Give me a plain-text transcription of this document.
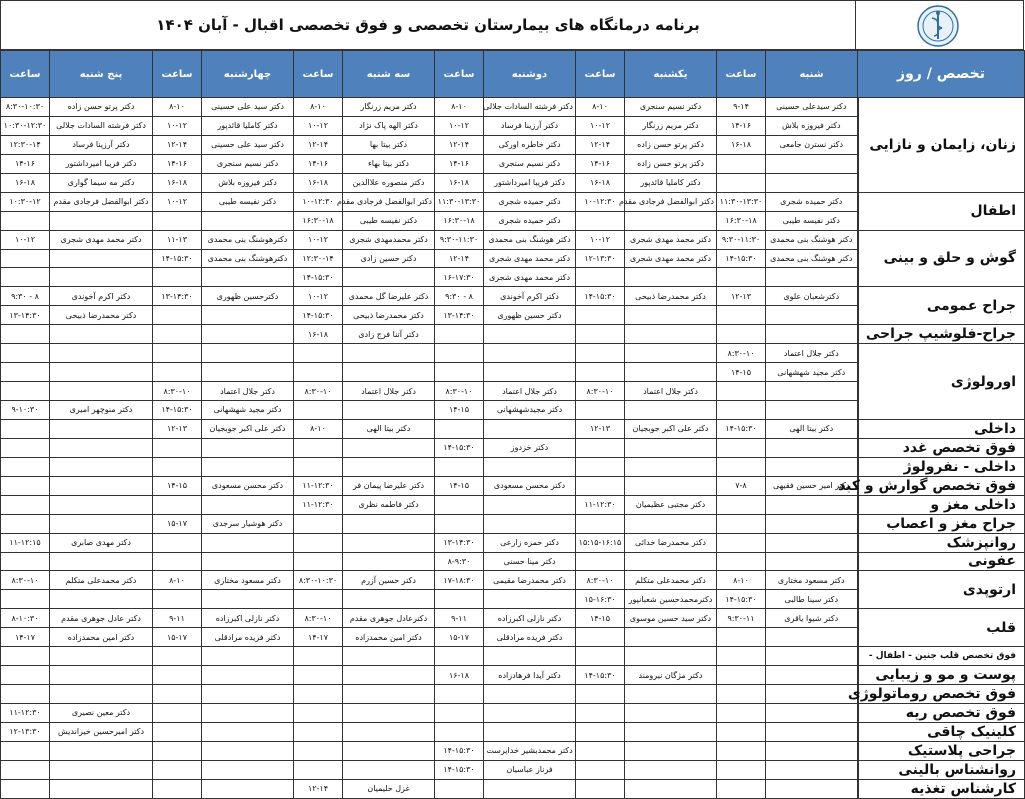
برنامه درمانگاه های بیمارستان تخصصی و فوق تخصصی اقبال - آبان ۱۴۰۴
تخصص / روز	شنبه	ساعت	یکشنبه	ساعت	دوشنبه	ساعت	سه شنبه	ساعت	چهارشنبه	ساعت	پنج شنبه	ساعت
زنان، زایمان و نازایی	دکتر سیدعلی حسینی	۹-۱۴	دکتر نسیم سنجری	۸-۱۰	دکتر فرشته السادات جلالی	۸-۱۰	دکتر مریم زرنگار	۸-۱۰	دکتر سید علی حسینی	۸-۱۰	دکتر پرتو حسن زاده	۸:۳۰-۱۰:۳۰
	دکتر فیروزه بلاش	۱۴-۱۶	دکتر مریم زرنگار	۱۰-۱۲	دکتر آرزینا فرساد	۱۰-۱۲	دکتر الهه پاک نژاد	۱۰-۱۲	دکتر کاملیا قائدپور	۱۰-۱۲	دکتر فرشته السادات جلالی	۱۰:۳۰-۱۲:۳۰
	دکتر نسترن جامعی	۱۶-۱۸	دکتر پرتو حسن زاده	۱۲-۱۴	دکتر خاطره اورکی	۱۲-۱۴	دکتر بیتا بها	۱۲-۱۴	دکتر سید علی حسینی	۱۲-۱۴	دکتر آرزینا فرساد	۱۲:۳۰-۱۴
			دکتر پرتو حسن زاده	۱۴-۱۶	دکتر نسیم سنجری	۱۴-۱۶	دکتر بیتا بهاء	۱۴-۱۶	دکتر نسیم سنجری	۱۴-۱۶	دکتر فریبا امیرداشتور	۱۴-۱۶
			دکتر کاملیا قائدپور	۱۶-۱۸	دکتر فریبا امیرداشتور	۱۶-۱۸	دکتر منصوره علاالدین	۱۶-۱۸	دکتر فیروزه بلاش	۱۶-۱۸	دکتر مه سیما گواری	۱۶-۱۸
اطفال	دکتر حمیده شجری	۱۱:۳۰-۱۳:۳۰	دکتر ابوالفضل فرجادی مقدم	۱۰-۱۲:۳۰	دکتر حمیده شجری	۱۱:۳۰-۱۳:۳۰	دکتر ابوالفضل فرجادی مقدم	۱۰-۱۲:۳۰	دکتر نفیسه طیبی	۱۰-۱۲	دکتر ابوالفضل فرجادی مقدم	۱۰:۳۰-۱۲
	دکتر نفیسه طیبی	۱۶:۳۰-۱۸			دکتر حمیده شجری	۱۶:۳۰-۱۸	دکتر نفیسه طیبی	۱۶:۳۰-۱۸				
گوش و حلق و بینی	دکتر هوشنگ بنی محمدی	۹:۳۰-۱۱:۳۰	دکتر محمد مهدی شجری	۱۰-۱۲	دکتر هوشنگ بنی محمدی	۹:۳۰-۱۱:۳۰	دکتر محمدمهدی شجری	۱۰-۱۲	دکترهوشنگ بنی محمدی	۱۱-۱۳	دکتر محمد مهدی شجری	۱۰-۱۲
	دکتر هوشنگ بنی محمدی	۱۴-۱۵:۳۰	دکتر محمد مهدی شجری	۱۲-۱۳:۳۰	دکتر محمد مهدی شجری	۱۲-۱۴	دکتر حسین زادی	۱۲:۳۰-۱۴	دکترهوشنگ بنی محمدی	۱۴-۱۵:۳۰		
					دکتر محمد مهدی شجری	۱۶-۱۷:۳۰		۱۴-۱۵:۳۰				
جراح عمومی	دکترشعبان علوی	۱۲-۱۳	دکتر محمدرضا ذبیحی	۱۴-۱۵:۳۰	دکتر اکرم آخوندی	۸ - ۹:۳۰	دکتر علیرضا گل محمدی	۱۰-۱۲	دکترحسین ظهوری	۱۳-۱۴:۳۰	دکتر اکرم آخوندی	۸ - ۹:۳۰
					دکتر حسین ظهوری	۱۳-۱۴:۳۰	دکتر محمدرضا ذبیحی	۱۴-۱۵:۳۰			دکتر محمدرضا ذبیحی	۱۳-۱۴:۳۰
جراح-فلوشیپ جراحی							دکتر آتنا فرج زادی	۱۶-۱۸				
اورولوژی	دکتر جلال اعتماد	۸:۳۰-۱۰										
	دکتر مجید شهشهانی	۱۴-۱۵										
			دکتر جلال اعتماد	۸:۳۰-۱۰	دکتر جلال اعتماد	۸:۳۰-۱۰	دکتر جلال اعتماد	۸:۳۰-۱۰	دکتر جلال اعتماد	۸:۳۰-۱۰		
					دکتر مجیدشهشهانی	۱۴-۱۵			دکتر مجید شهشهانی	۱۴-۱۵:۳۰	دکتر منوچهر امیری	۹-۱۰:۳۰
داخلی	دکتر بیتا الهی	۱۴-۱۵:۳۰	دکتر علی اکبر جوبجیان	۱۲-۱۳			دکتر بیتا الهی	۸-۱۰	دکتر علی اکبر جوبجیان	۱۲-۱۳		
فوق تخصص غدد					دکتر خزدوز	۱۴-۱۵:۳۰						
داخلی - نفرولوژ												
فوق تخصص گوارش و کبد	دکتر امیر حسین فقیهی	۷-۸			دکتر محسن مسعودی	۱۴-۱۵	دکتر علیرضا پیمان فر	۱۱-۱۲:۳۰	دکتر محسن مسعودی	۱۴-۱۵		
داخلی مغز و			دکتر مجتبی عظیمیان	۱۱-۱۲:۳۰			دکتر فاطمه نظری	۱۱-۱۲:۳۰				
جراح مغز و اعصاب									دکتر هوشیار سرجدی	۱۵-۱۷		
روانپزشک			دکتر محمدرضا خدائی	۱۵:۱۵-۱۶:۱۵	دکتر حمزه زارعی	۱۳-۱۴:۳۰					دکتر مهدی صابری	۱۱-۱۲:۱۵
عفونی					دکتر مینا حسنی	۸-۹:۳۰						
ارتوپدی	دکتر مسعود مختاری	۸-۱۰	دکتر محمدعلی متکلم	۸:۳۰-۱۰	دکتر محمدرضا مقیمی	۱۷-۱۸:۳۰	دکتر حسین آزرم	۸:۳۰-۱۰:۳۰	دکتر مسعود مختاری	۸-۱۰	دکتر محمدعلی متکلم	۸:۳۰-۱۰
	دکتر سینا طالبی	۱۴-۱۵:۳۰	دکترمحمدحسین شعبانپور	۱۵-۱۶:۳۰								
قلب	دکتر شیوا یاقری	۹:۳۰-۱۱	دکتر سید حسین موسوی	۱۴-۱۵	دکتر نازلی اکبرزاده	۹-۱۱	دکترعادل جوهری مقدم	۸:۳۰-۱۰	دکتر نازلی اکبرزاده	۹-۱۱	دکتر عادل جوهری مقدم	۸-۱۰:۳۰
					دکتر فریده مرادقلی	۱۵-۱۷	دکتر امین محمدزاده	۱۴-۱۷	دکتر فریده مرادقلی	۱۵-۱۷	دکتر امین محمدزاده	۱۴-۱۷
فوق تخصص قلب جنین - اطفال -												
پوست و مو و زیبایی			دکتر مژگان نیرومند	۱۴-۱۵:۳۰	دکتر آیدا فرهادزاده	۱۶-۱۸						
فوق تخصص روماتولوژی												
فوق تخصص ریه											دکتر معین نصیری	۱۱-۱۲:۳۰
کلینیک چاقی											دکتر امیرحسین خیراندیش	۱۲-۱۳:۳۰
جراحی پلاستیک					دکتر محمدبشیر خدایرست	۱۴-۱۵:۳۰						
روانشناس بالینی					فرناز عباسیان	۱۴-۱۵:۳۰						
کارشناس تغذیه							غزل حلیمیان	۱۲-۱۴				
